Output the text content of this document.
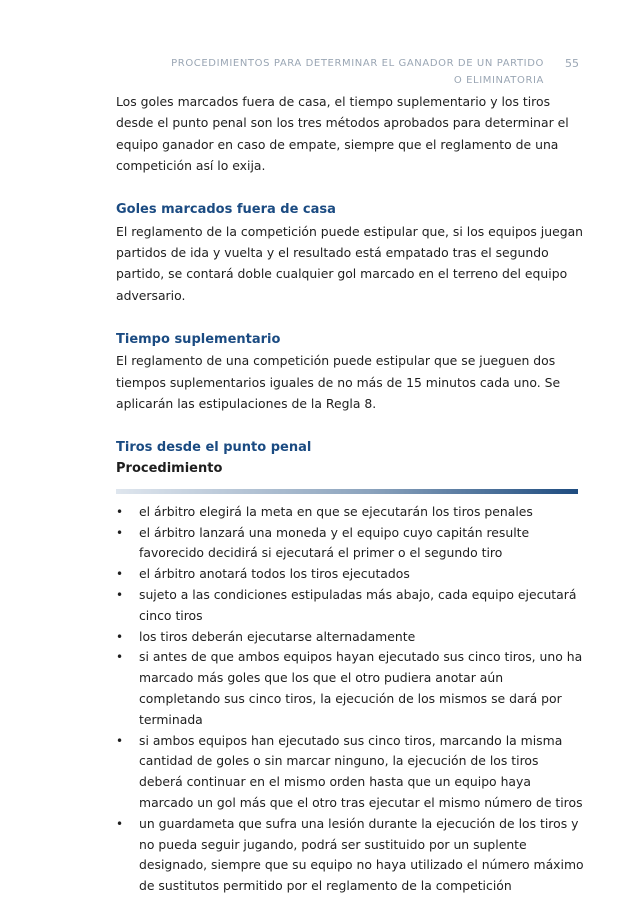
PROCEDIMIENTOS PARA DETERMINAR EL GANADOR DE UN PARTIDO
O ELIMINATORIA
55

Los goles marcados fuera de casa, el tiempo suplementario y los tiros desde el punto penal son los tres métodos aprobados para determinar el equipo ganador en caso de empate, siempre que el reglamento de una competición así lo exija.

Goles marcados fuera de casa

El reglamento de la competición puede estipular que, si los equipos juegan partidos de ida y vuelta y el resultado está empatado tras el segundo partido, se contará doble cualquier gol marcado en el terreno del equipo adversario.

Tiempo suplementario

El reglamento de una competición puede estipular que se jueguen dos tiempos suplementarios iguales de no más de 15 minutos cada uno. Se aplicarán las estipulaciones de la Regla 8.

Tiros desde el punto penal

Procedimiento

• el árbitro elegirá la meta en que se ejecutarán los tiros penales
• el árbitro lanzará una moneda y el equipo cuyo capitán resulte favorecido decidirá si ejecutará el primer o el segundo tiro
• el árbitro anotará todos los tiros ejecutados
• sujeto a las condiciones estipuladas más abajo, cada equipo ejecutará cinco tiros
• los tiros deberán ejecutarse alternadamente
• si antes de que ambos equipos hayan ejecutado sus cinco tiros, uno ha marcado más goles que los que el otro pudiera anotar aún completando sus cinco tiros, la ejecución de los mismos se dará por terminada
• si ambos equipos han ejecutado sus cinco tiros, marcando la misma cantidad de goles o sin marcar ninguno, la ejecución de los tiros deberá continuar en el mismo orden hasta que un equipo haya marcado un gol más que el otro tras ejecutar el mismo número de tiros
• un guardameta que sufra una lesión durante la ejecución de los tiros y no pueda seguir jugando, podrá ser sustituido por un suplente designado, siempre que su equipo no haya utilizado el número máximo de sustitutos permitido por el reglamento de la competición
